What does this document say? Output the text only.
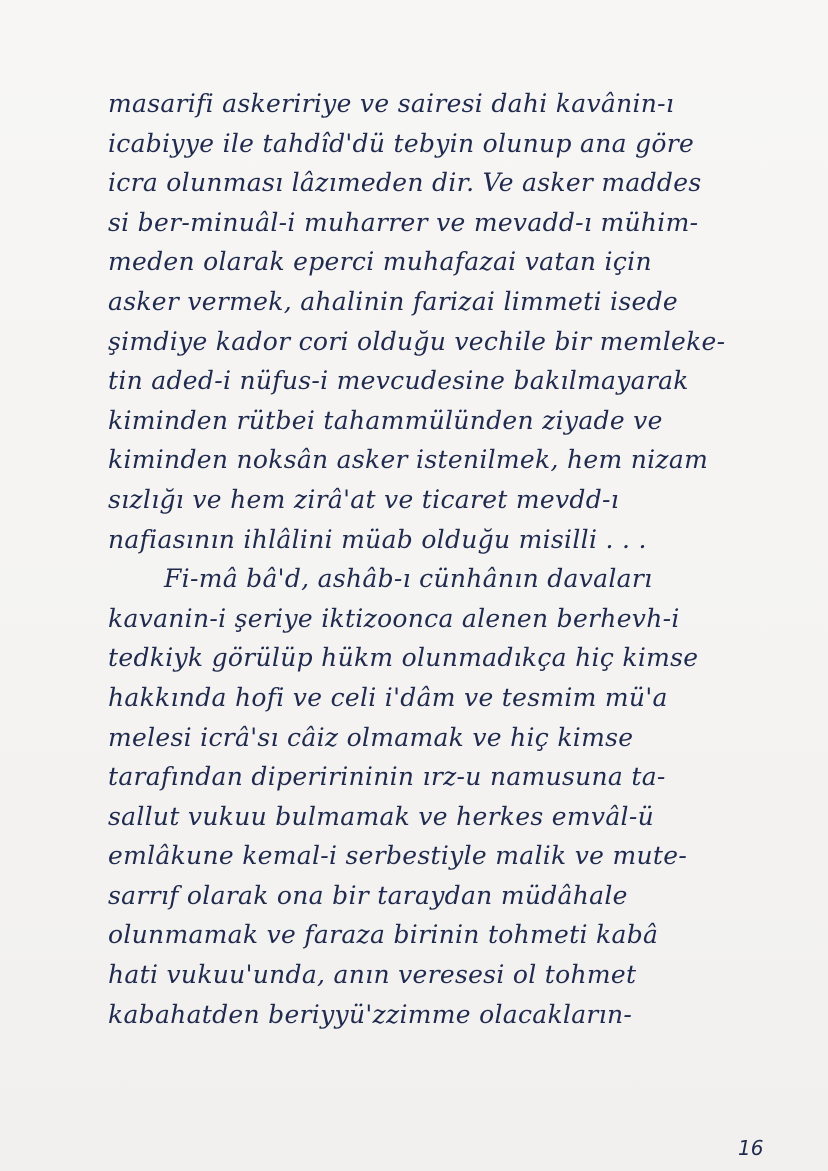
masarifi askeririye ve sairesi dahi kavânin-ı
icabiyye ile tahdîd'dü tebyin olunup ana göre
icra olunması lâzımeden dir. Ve asker maddes
si ber-minuâl-i muharrer ve mevadd-ı mühim-
meden olarak eperci muhafazai vatan için
asker vermek, ahalinin farizai limmeti isede
şimdiye kador cori olduğu vechile bir memleke-
tin aded-i nüfus-i mevcudesine bakılmayarak
kiminden rütbei tahammülünden ziyade ve
kiminden noksân asker istenilmek, hem nizam
sızlığı ve hem zirâ'at ve ticaret mevdd-ı
nafiasının ihlâlini müab olduğu misilli . . .
Fi-mâ bâ'd, ashâb-ı cünhânın davaları
kavanin-i şeriye iktizoonca alenen berhevh-i
tedkiyk görülüp hükm olunmadıkça hiç kimse
hakkında hofi ve celi i'dâm ve tesmim mü'a
melesi icrâ'sı câiz olmamak ve hiç kimse
tarafından diperirininin ırz-u namusuna ta-
sallut vukuu bulmamak ve herkes emvâl-ü
emlâkune kemal-i serbestiyle malik ve mute-
sarrıf olarak ona bir taraydan müdâhale
olunmamak ve faraza birinin tohmeti kabâ
hati vukuu'unda, anın veresesi ol tohmet
kabahatden beriyyü'zzimme olacakların-
16
